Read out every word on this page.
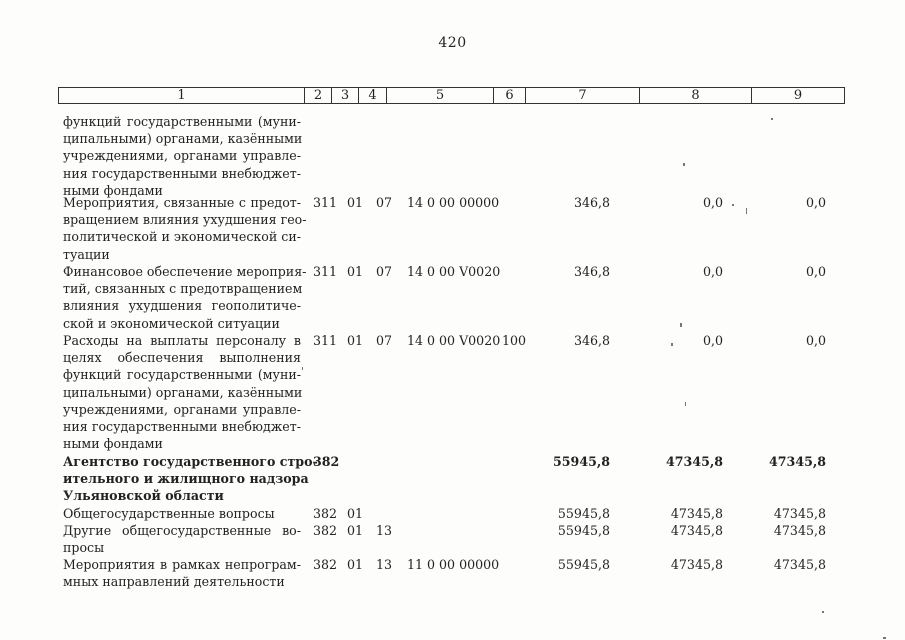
420
1	2	3	4	5	6	7	8	9
функций государственными (муни-
ципальными) органами, казёнными
учреждениями, органами управле-
ния государственными внебюджет-
ными фондами
Мероприятия, связанные с предот-
вращением влияния ухудшения гео-
политической и экономической си-
туации
311 01 07 14 0 00 00000	346,8	0,0	0,0
Финансовое обеспечение мероприя-
тий, связанных с предотвращением
влияния ухудшения геополитиче-
ской и экономической ситуации
311 01 07 14 0 00 V0020	346,8	0,0	0,0
Расходы на выплаты персоналу в
целях обеспечения выполнения
функций государственными (муни-
ципальными) органами, казёнными
учреждениями, органами управле-
ния государственными внебюджет-
ными фондами
311 01 07 14 0 00 V0020 100	346,8	0,0	0,0
Агентство государственного стро-
ительного и жилищного надзора
Ульяновской области
382	55945,8	47345,8	47345,8
Общегосударственные вопросы	382 01	55945,8	47345,8	47345,8
Другие общегосударственные во-
просы
382 01 13	55945,8	47345,8	47345,8
Мероприятия в рамках непрограм-
мных направлений деятельности
382 01 13 11 0 00 00000	55945,8	47345,8	47345,8
